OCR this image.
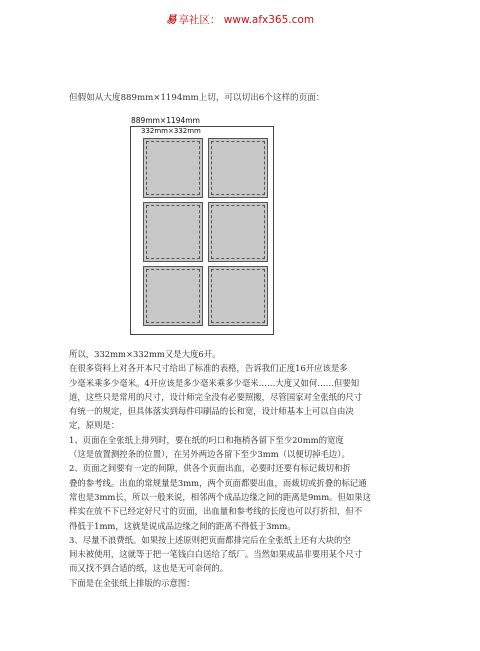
易 享社区： www.afx365.com
但假如从大度889mm×1194mm上切，可以切出6个这样的页面：
889mm×1194mm
332mm×332mm

所以，332mm×332mm又是大度6开。

在很多资料上对各开本尺寸给出了标准的表格，告诉我们正度16开应该是多

少毫米乘多少毫米。4开应该是多少毫米乘多少毫米……大度又如何……但要知

道，这些只是常用的尺寸，设计师完全没有必要照搬，尽管国家对全张纸的尺寸

有统一的规定，但具体落实到每件印刷品的长和宽，设计师基本上可以自由决

定，原则是：

1、页面在全张纸上排列时，要在纸的叼口和拖梢各留下至少20mm的宽度

（这是放置测控条的位置），在另外两边各留下至少3mm（以便切掉毛边）。

2、页面之间要有一定的间隙，供各个页面出血，必要时还要有标记裁切和折

叠的参考线。出血的常规量是3mm，两个页面都要出血，而裁切或折叠的标记通

常也是3mm长，所以一般来说，相邻两个成品边缘之间的距离是9mm。但如果这

样实在放不下已经定好尺寸的页面，出血量和参考线的长度也可以打折扣，但不

得低于1mm，这就是说成品边缘之间的距离不得低于3mm。

3、尽量不浪费纸。如果按上述原则把页面都排完后在全张纸上还有大块的空

间未被使用，这就等于把一笔钱白白送给了纸厂。当然如果成品非要用某个尺寸

而又找不到合适的纸，这也是无可奈何的。

下面是在全张纸上排版的示意图：
